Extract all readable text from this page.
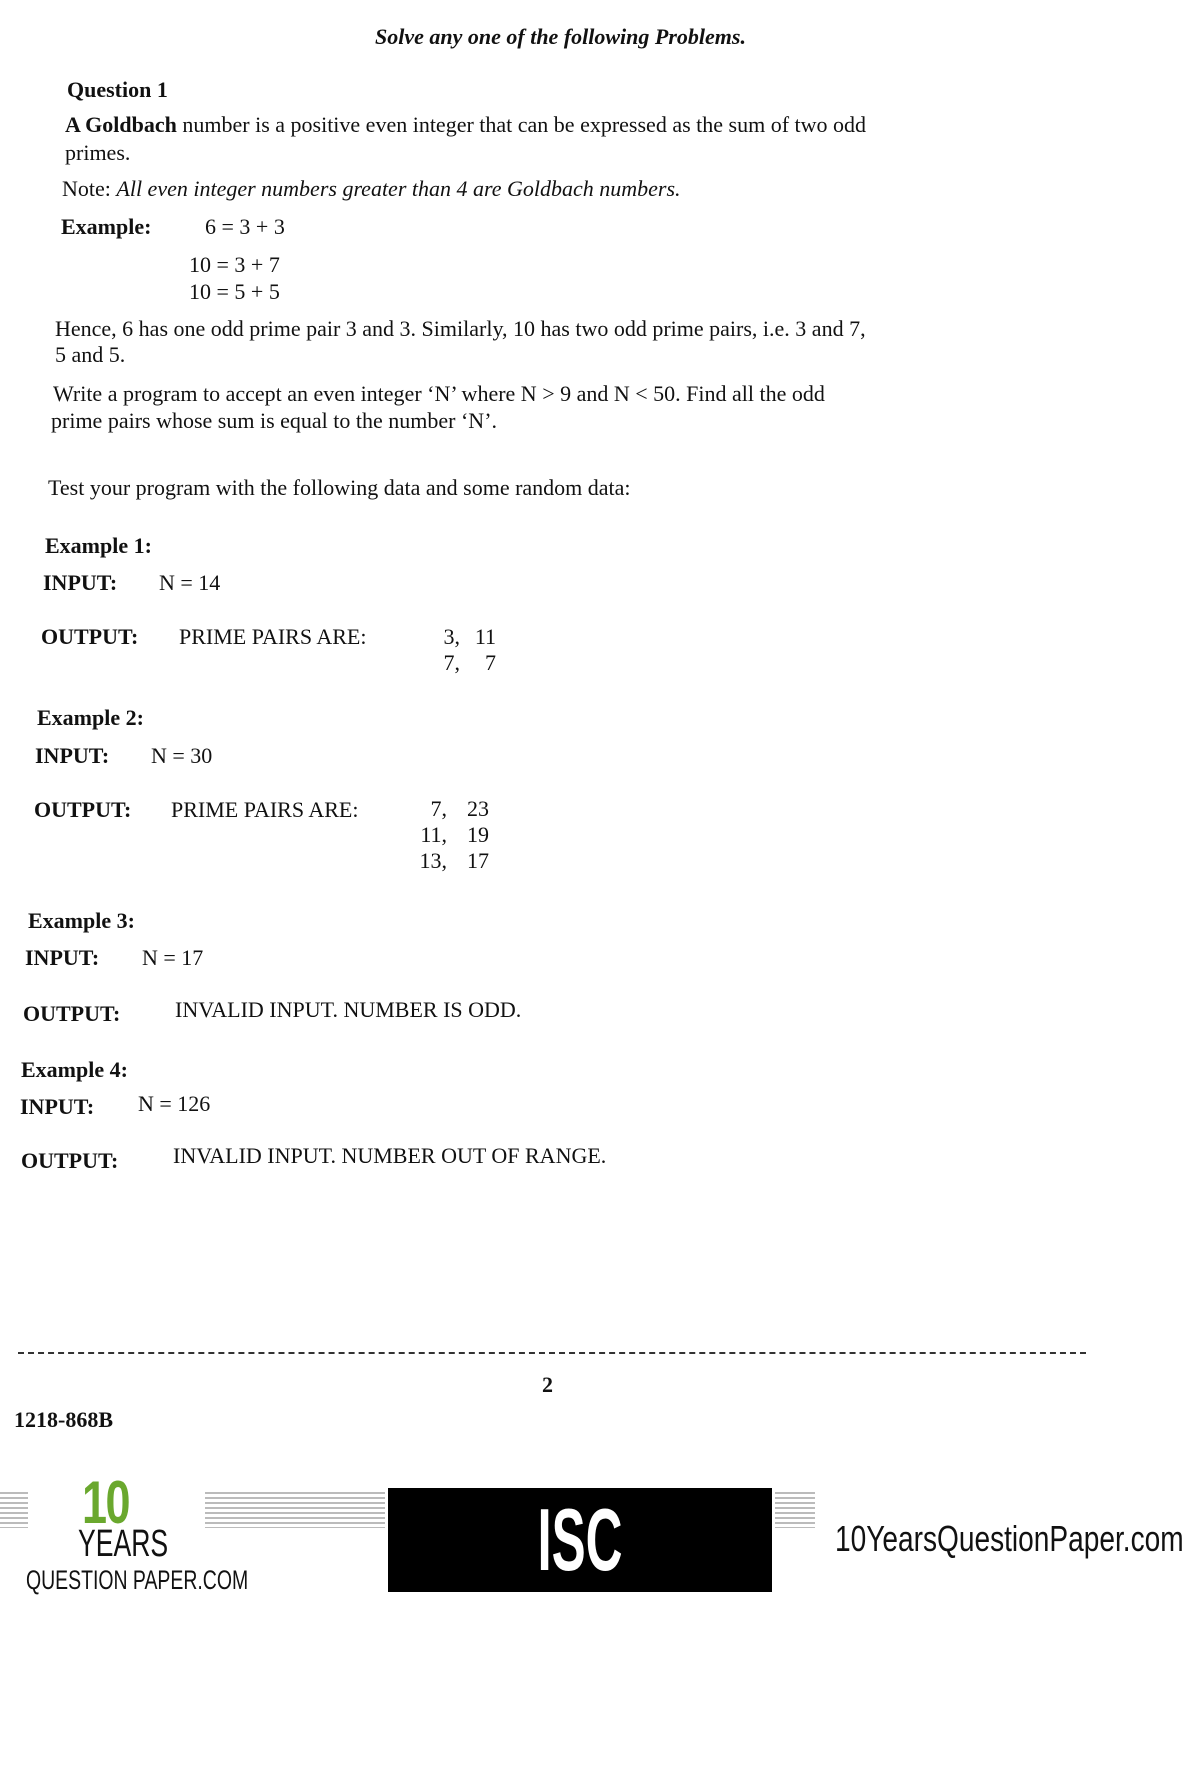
Solve any one of the following Problems.
Question 1
A Goldbach number is a positive even integer that can be expressed as the sum of two odd
primes.
Note: All even integer numbers greater than 4 are Goldbach numbers.
Example: 6 = 3 + 3
10 = 3 + 7
10 = 5 + 5
Hence, 6 has one odd prime pair 3 and 3. Similarly, 10 has two odd prime pairs, i.e. 3 and 7,
5 and 5.
Write a program to accept an even integer ‘N’ where N > 9 and N < 50. Find all the odd
prime pairs whose sum is equal to the number ‘N’.
Test your program with the following data and some random data:
Example 1:
INPUT: N = 14
OUTPUT: PRIME PAIRS ARE:	3, 11
7, 7
Example 2:
INPUT: N = 30
OUTPUT: PRIME PAIRS ARE:	7, 23
11, 19
13, 17
Example 3:
INPUT: N = 17
OUTPUT: INVALID INPUT. NUMBER IS ODD.
Example 4:
INPUT: N = 126
OUTPUT: INVALID INPUT. NUMBER OUT OF RANGE.
2
1218-868B
10
YEARS
QUESTION PAPER.COM	ISC BOARD XII
10YearsQuestionPaper.com
